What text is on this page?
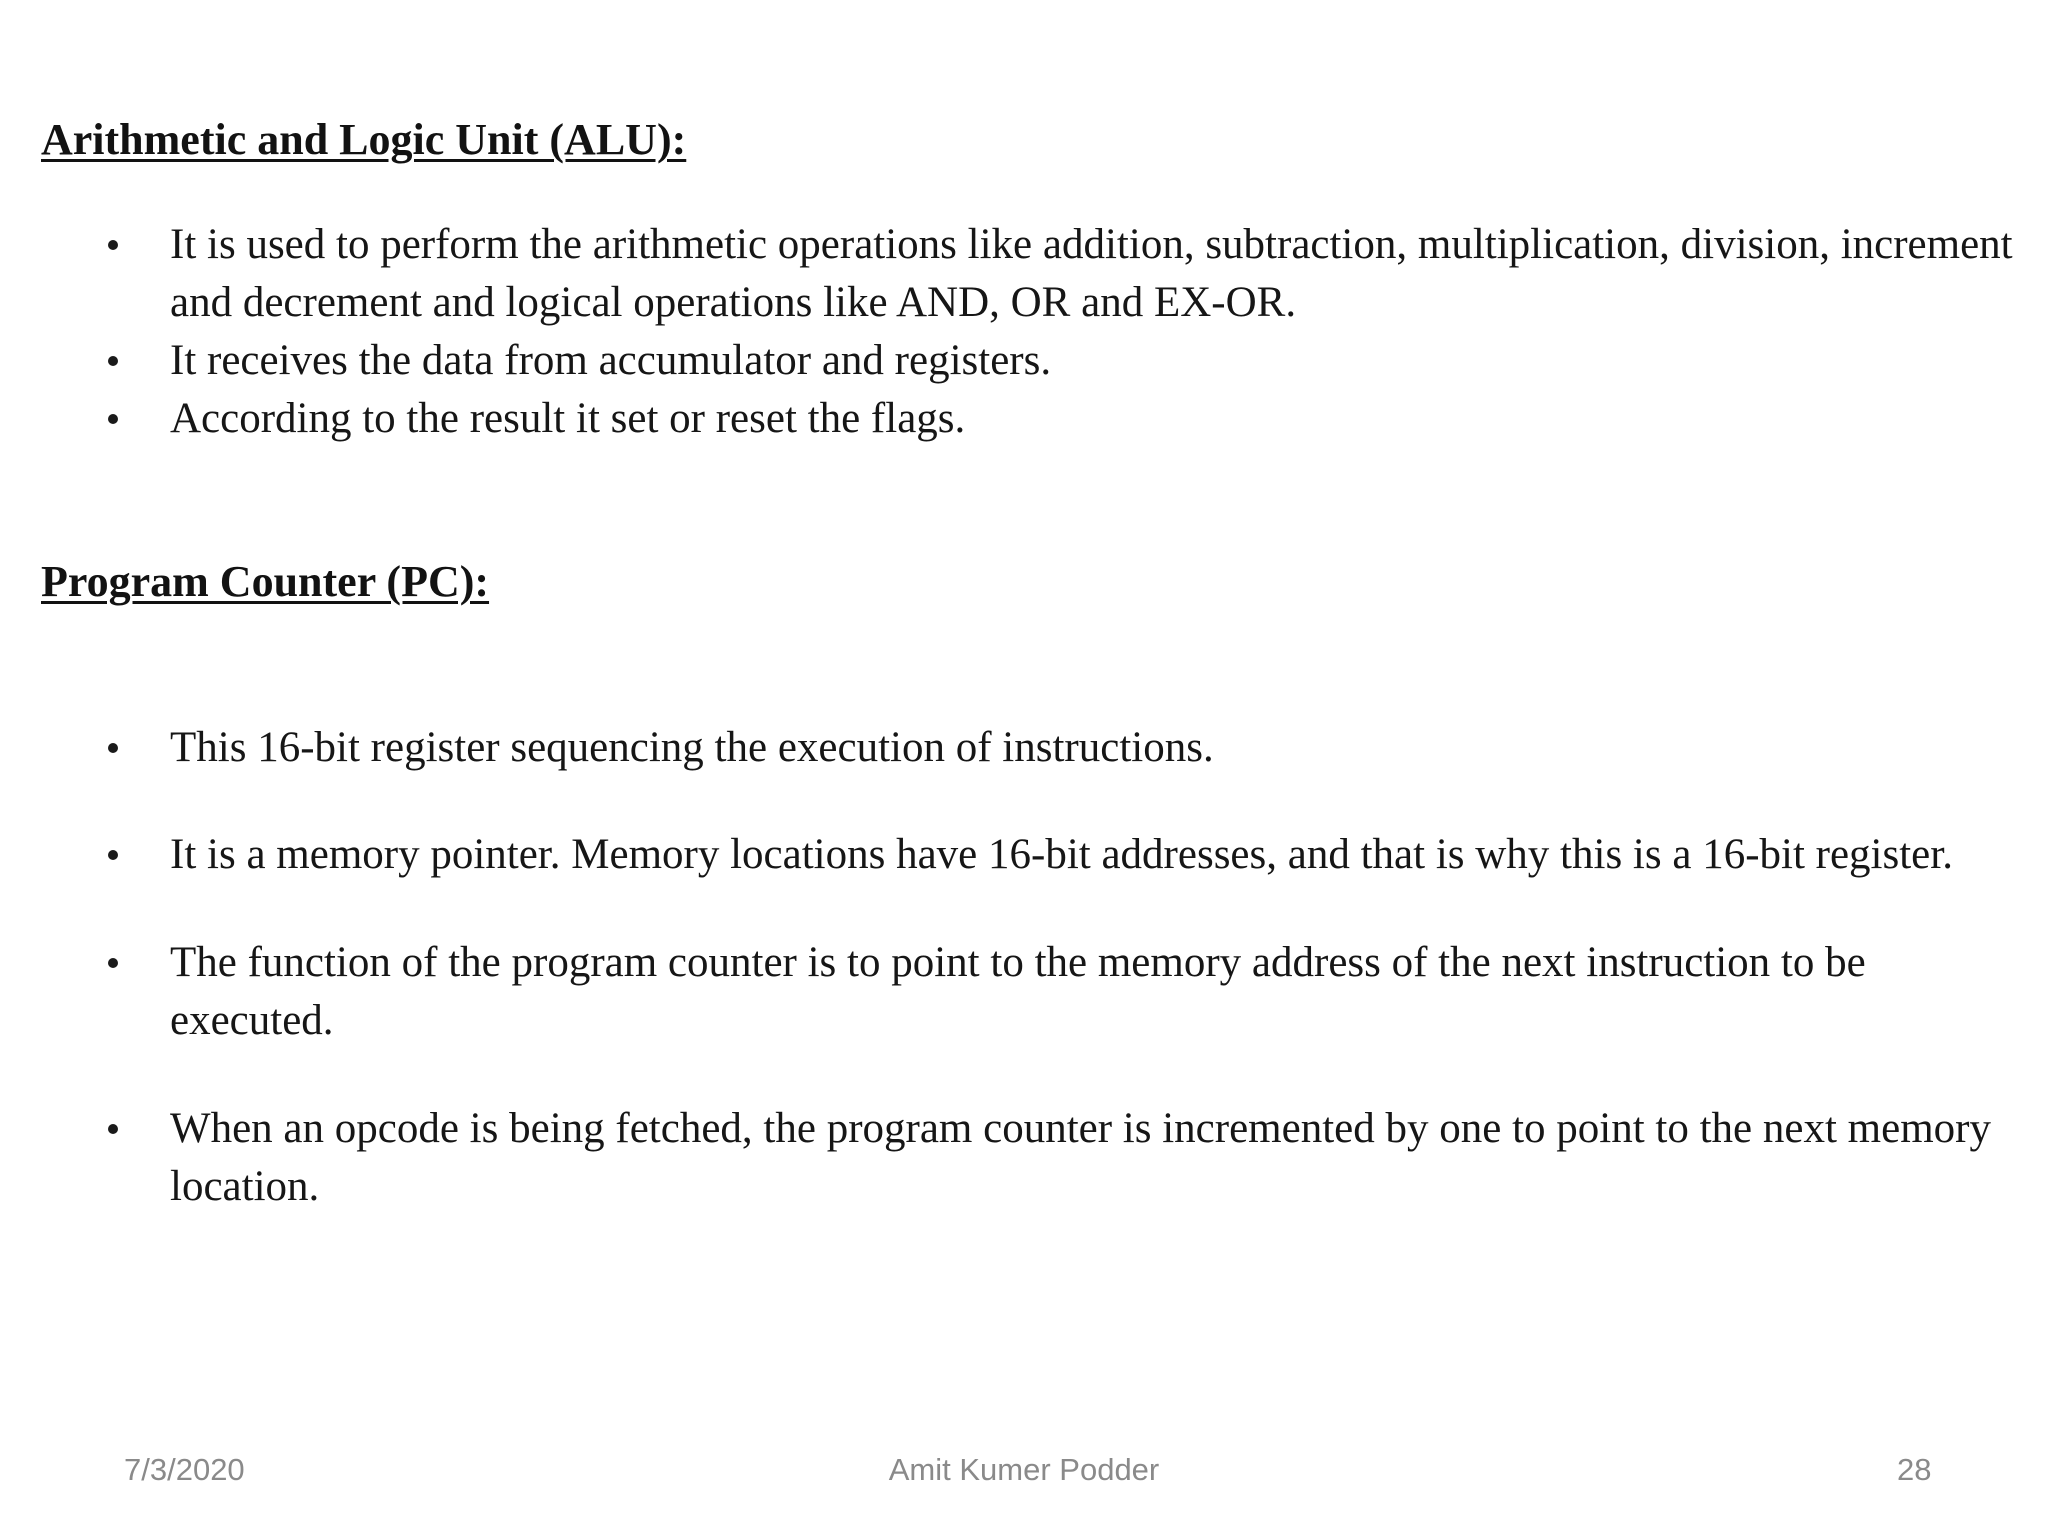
Arithmetic and Logic Unit (ALU):
It is used to perform the arithmetic operations like addition, subtraction, multiplication, division, increment and decrement and logical operations like AND, OR and EX-OR.
It receives the data from accumulator and registers.
According to the result it set or reset the flags.
Program Counter (PC):
This 16-bit register sequencing the execution of instructions.
It is a memory pointer. Memory locations have 16-bit addresses, and that is why this is a 16-bit register.
The function of the program counter is to point to the memory address of the next instruction to be executed.
When an opcode is being fetched, the program counter is incremented by one to point to the next memory location.
7/3/2020	Amit Kumer Podder	28
